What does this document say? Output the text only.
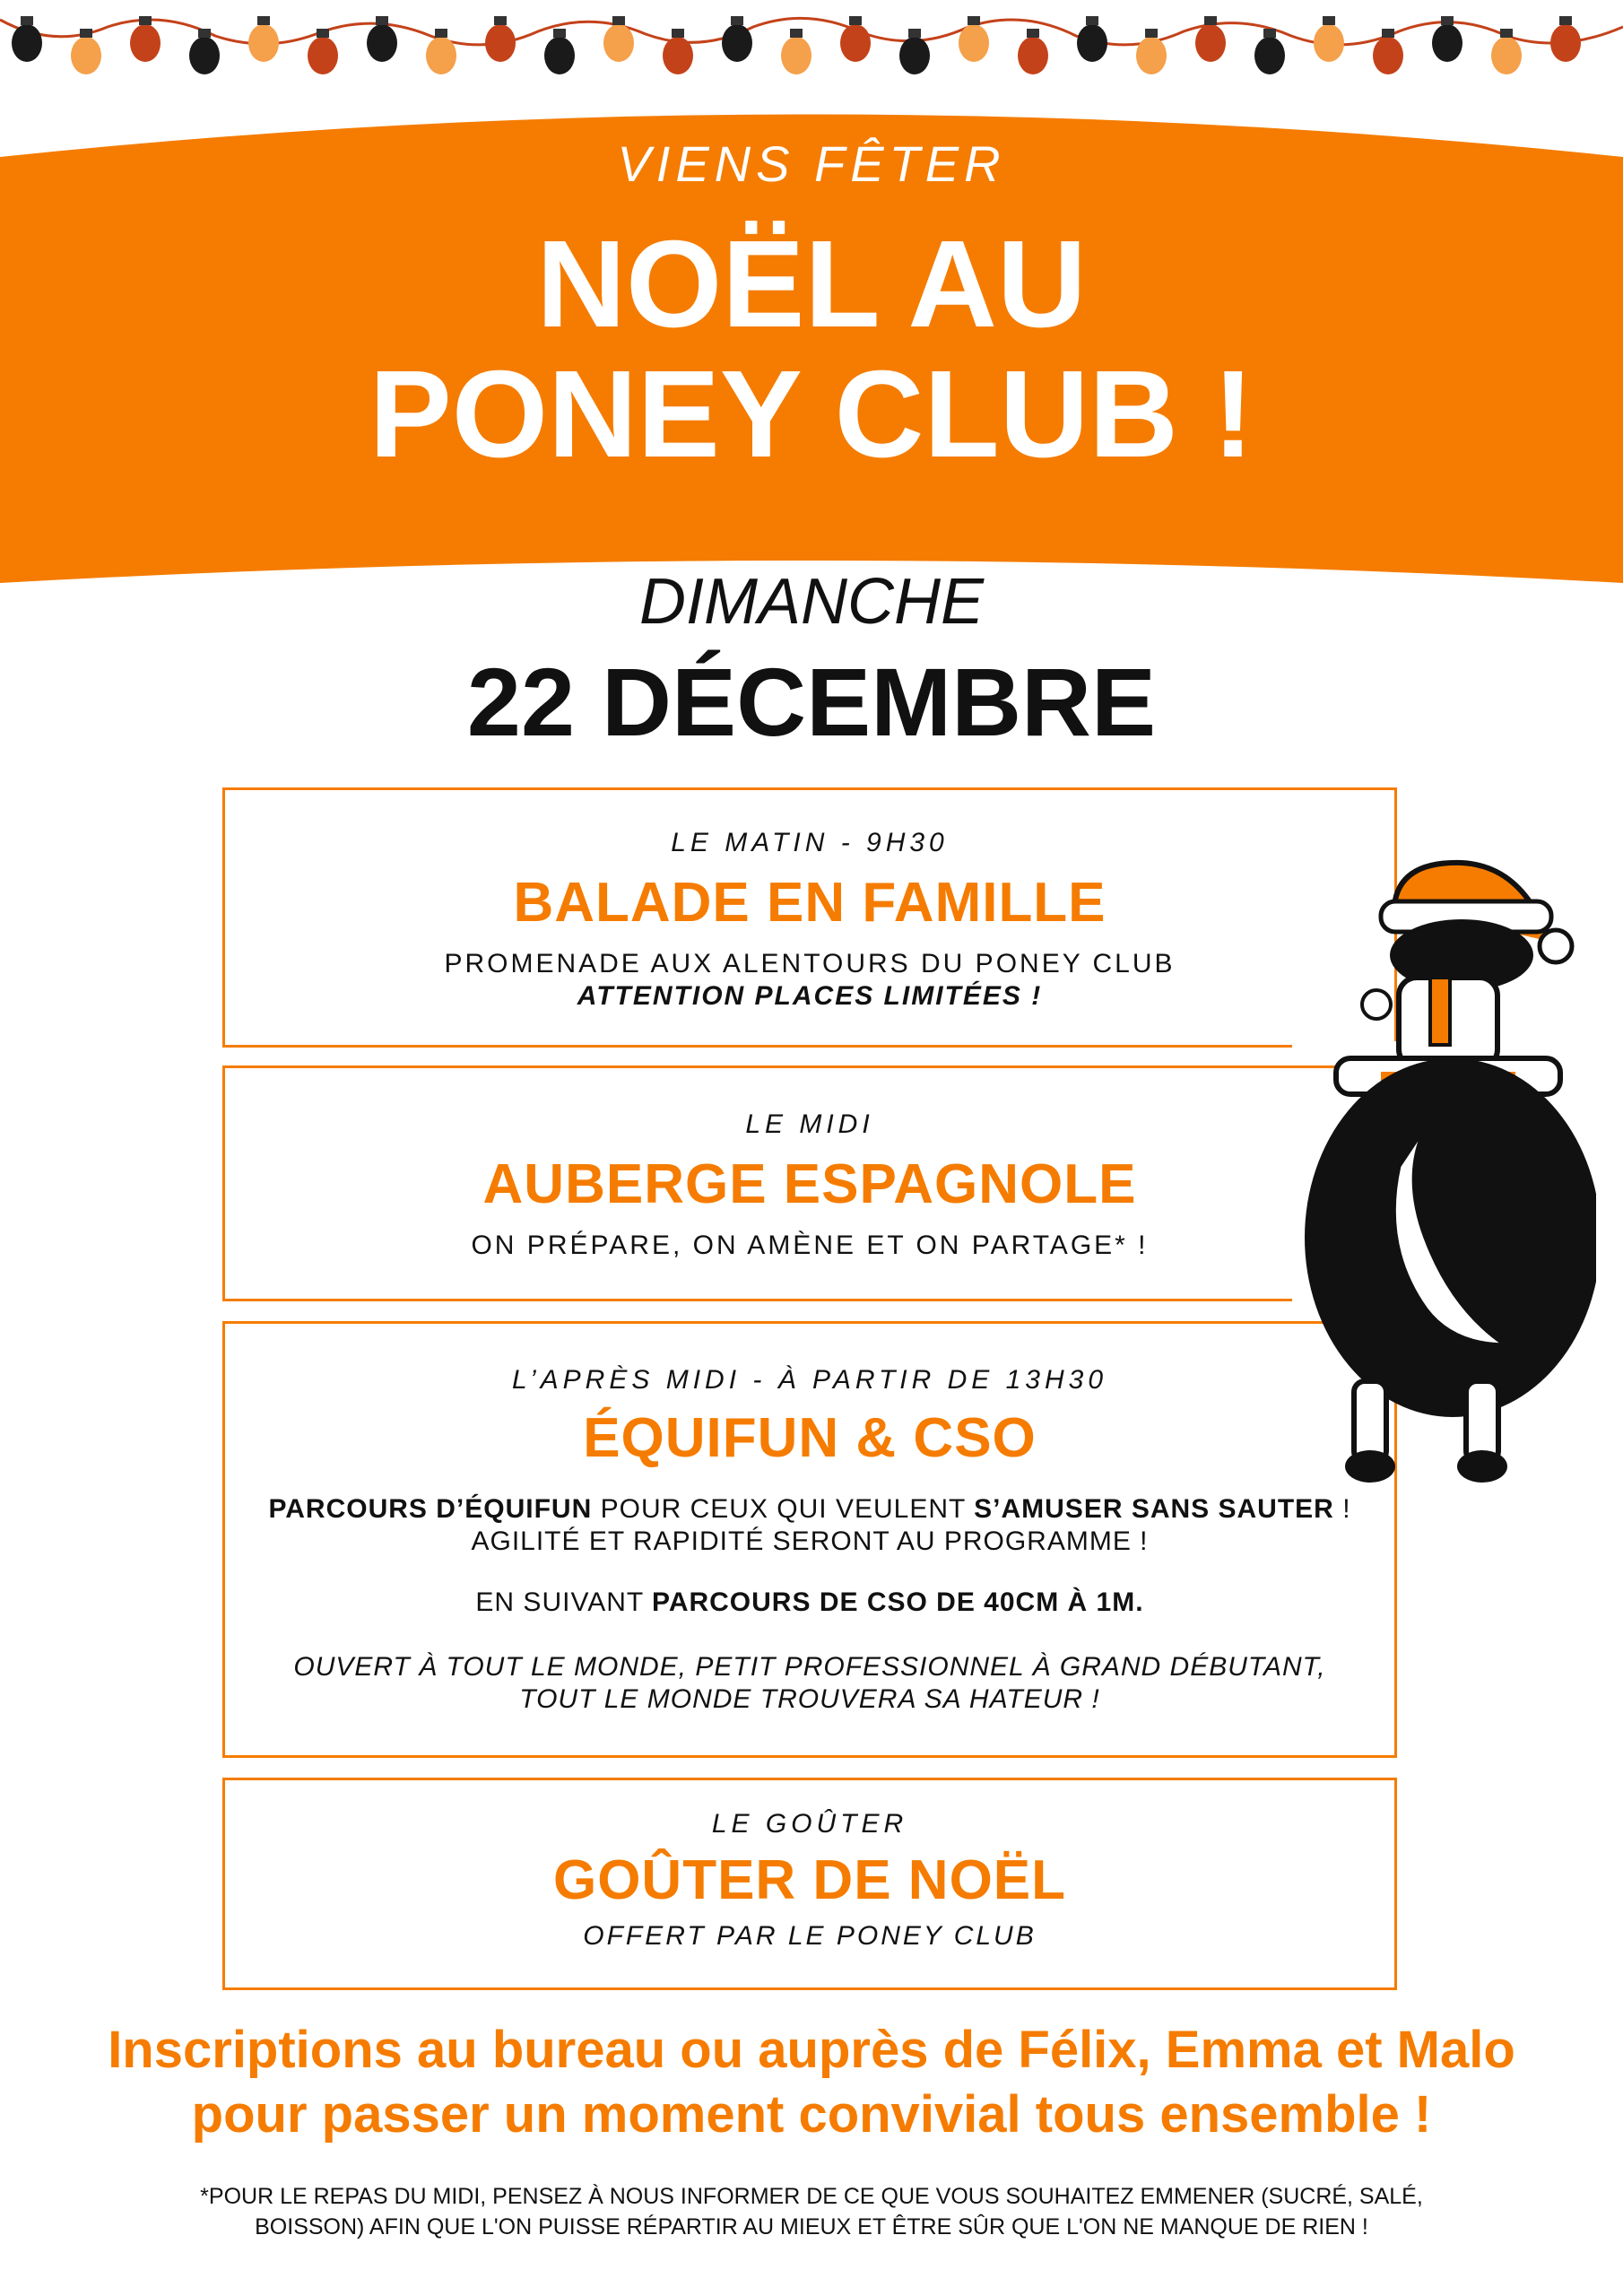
VIENS FÊTER
NOËL AU
PONEY CLUB !
DIMANCHE
22 DÉCEMBRE
LE MATIN - 9H30
BALADE EN FAMILLE
PROMENADE AUX ALENTOURS DU PONEY CLUB
ATTENTION PLACES LIMITÉES !
LE MIDI
AUBERGE ESPAGNOLE
ON PRÉPARE, ON AMÈNE ET ON PARTAGE* !
L’APRÈS MIDI - À PARTIR DE 13H30
ÉQUIFUN & CSO
PARCOURS D’ÉQUIFUN POUR CEUX QUI VEULENT S’AMUSER SANS SAUTER !
AGILITÉ ET RAPIDITÉ SERONT AU PROGRAMME !
EN SUIVANT PARCOURS DE CSO DE 40CM À 1M.
OUVERT À TOUT LE MONDE, PETIT PROFESSIONNEL À GRAND DÉBUTANT,
TOUT LE MONDE TROUVERA SA HATEUR !
LE GOÛTER
GOÛTER DE NOËL
OFFERT PAR LE PONEY CLUB
Inscriptions au bureau ou auprès de Félix, Emma et Malo
pour passer un moment convivial tous ensemble !
*POUR LE REPAS DU MIDI, PENSEZ À NOUS INFORMER DE CE QUE VOUS SOUHAITEZ EMMENER (SUCRÉ, SALÉ,
BOISSON) AFIN QUE L'ON PUISSE RÉPARTIR AU MIEUX ET ÊTRE SÛR QUE L'ON NE MANQUE DE RIEN !
